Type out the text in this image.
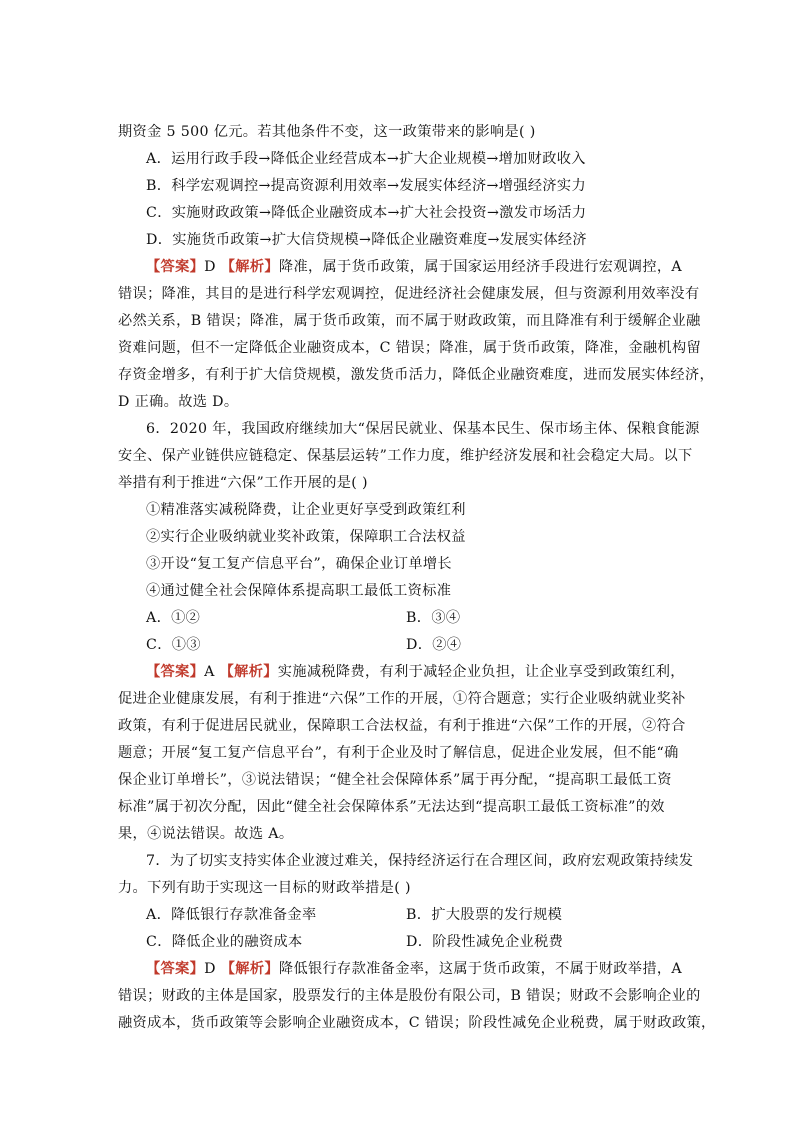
期资金 5 500 亿元。若其他条件不变，这一政策带来的影响是( )
A．运用行政手段→降低企业经营成本→扩大企业规模→增加财政收入
B．科学宏观调控→提高资源利用效率→发展实体经济→增强经济实力
C．实施财政政策→降低企业融资成本→扩大社会投资→激发市场活力
D．实施货币政策→扩大信贷规模→降低企业融资难度→发展实体经济
【答案】D 【解析】降准，属于货币政策，属于国家运用经济手段进行宏观调控，A
错误；降准，其目的是进行科学宏观调控，促进经济社会健康发展，但与资源利用效率没有
必然关系，B 错误；降准，属于货币政策，而不属于财政政策，而且降准有利于缓解企业融
资难问题，但不一定降低企业融资成本，C 错误；降准，属于货币政策，降准，金融机构留
存资金增多，有利于扩大信贷规模，激发货币活力，降低企业融资难度，进而发展实体经济，
D 正确。故选 D。
6．2020 年，我国政府继续加大“保居民就业、保基本民生、保市场主体、保粮食能源
安全、保产业链供应链稳定、保基层运转”工作力度，维护经济发展和社会稳定大局。以下
举措有利于推进“六保”工作开展的是( )
①精准落实减税降费，让企业更好享受到政策红利
②实行企业吸纳就业奖补政策，保障职工合法权益
③开设“复工复产信息平台”，确保企业订单增长
④通过健全社会保障体系提高职工最低工资标准
A．①②	B．③④
C．①③	D．②④
【答案】A 【解析】实施减税降费，有利于减轻企业负担，让企业享受到政策红利，
促进企业健康发展，有利于推进“六保”工作的开展，①符合题意；实行企业吸纳就业奖补
政策，有利于促进居民就业，保障职工合法权益，有利于推进“六保”工作的开展，②符合
题意；开展“复工复产信息平台”，有利于企业及时了解信息，促进企业发展，但不能“确
保企业订单增长”，③说法错误；“健全社会保障体系”属于再分配，“提高职工最低工资
标准”属于初次分配，因此“健全社会保障体系”无法达到“提高职工最低工资标准”的效
果，④说法错误。故选 A。
7．为了切实支持实体企业渡过难关，保持经济运行在合理区间，政府宏观政策持续发
力。下列有助于实现这一目标的财政举措是( )
A．降低银行存款准备金率	B．扩大股票的发行规模
C．降低企业的融资成本	D．阶段性减免企业税费
【答案】D 【解析】降低银行存款准备金率，这属于货币政策，不属于财政举措，A
错误；财政的主体是国家，股票发行的主体是股份有限公司，B 错误；财政不会影响企业的
融资成本，货币政策等会影响企业融资成本，C 错误；阶段性减免企业税费，属于财政政策，
